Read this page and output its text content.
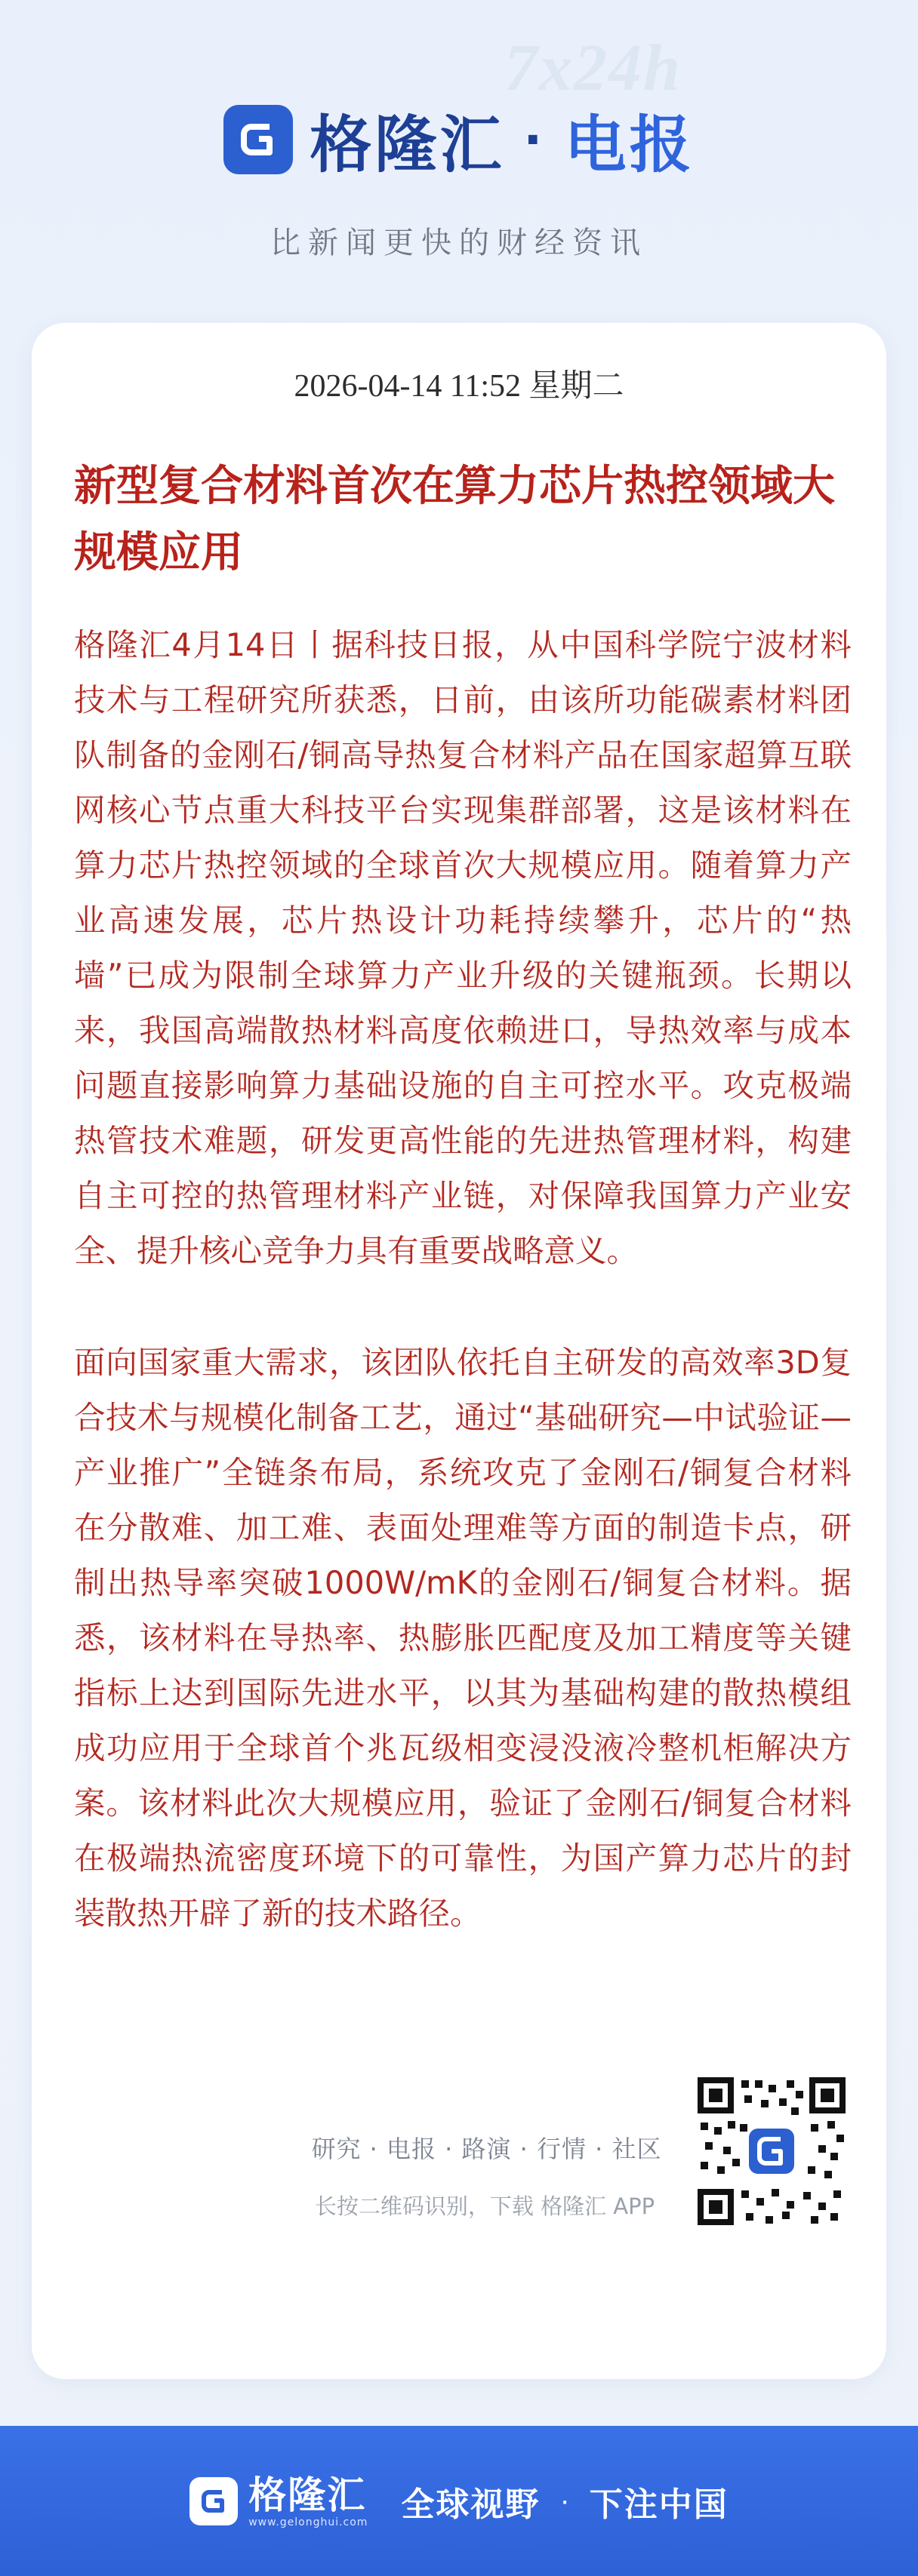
7x24h
格隆汇 · 电报
比新闻更快的财经资讯
2026-04-14 11:52 星期二
新型复合材料首次在算力芯片热控领域大规模应用

格隆汇4月14日丨据科技日报，从中国科学院宁波材料技术与工程研究所获悉，日前，由该所功能碳素材料团队制备的金刚石/铜高导热复合材料产品在国家超算互联网核心节点重大科技平台实现集群部署，这是该材料在算力芯片热控领域的全球首次大规模应用。随着算力产业高速发展，芯片热设计功耗持续攀升，芯片的“热墙”已成为限制全球算力产业升级的关键瓶颈。长期以来，我国高端散热材料高度依赖进口，导热效率与成本问题直接影响算力基础设施的自主可控水平。攻克极端热管技术难题，研发更高性能的先进热管理材料，构建自主可控的热管理材料产业链，对保障我国算力产业安全、提升核心竞争力具有重要战略意义。

面向国家重大需求，该团队依托自主研发的高效率3D复合技术与规模化制备工艺，通过“基础研究—中试验证—产业推广”全链条布局，系统攻克了金刚石/铜复合材料在分散难、加工难、表面处理难等方面的制造卡点，研制出热导率突破1000W/mK的金刚石/铜复合材料。据悉，该材料在导热率、热膨胀匹配度及加工精度等关键指标上达到国际先进水平，以其为基础构建的散热模组成功应用于全球首个兆瓦级相变浸没液冷整机柜解决方案。该材料此次大规模应用，验证了金刚石/铜复合材料在极端热流密度环境下的可靠性，为国产算力芯片的封装散热开辟了新的技术路径。

研究 · 电报 · 路演 · 行情 · 社区
长按二维码识别，下载 格隆汇 APP
格隆汇
www.gelonghui.com 全球视野 · 下注中国
